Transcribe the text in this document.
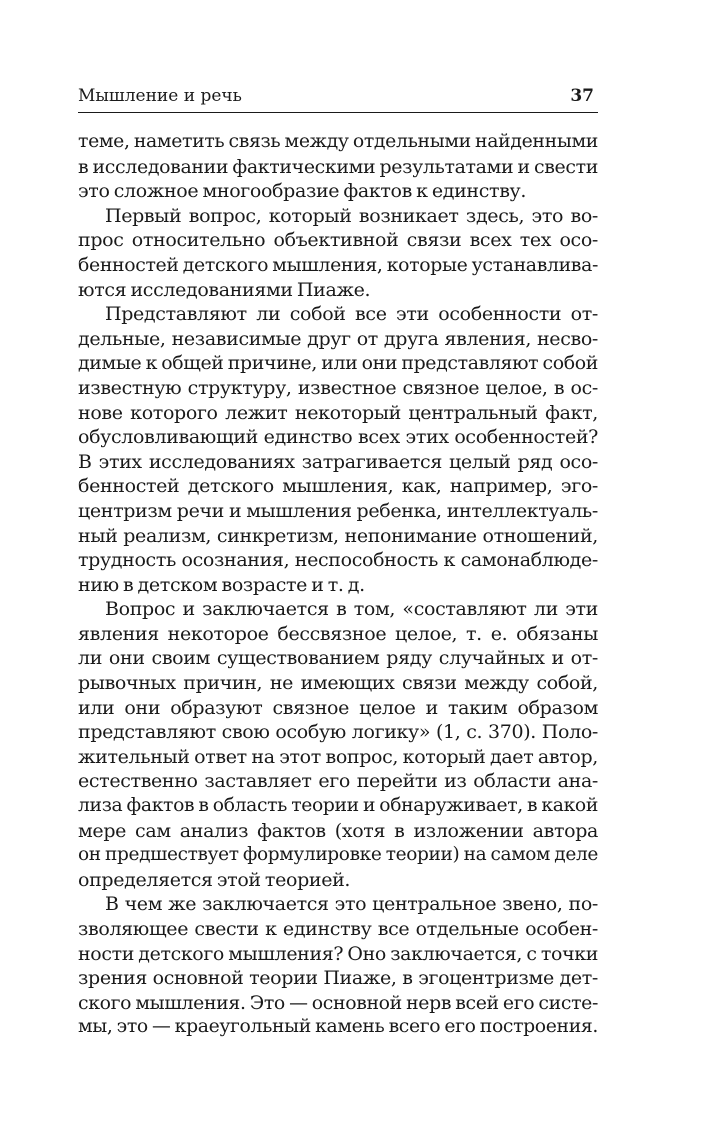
Мышление и речь	37
теме, наметить связь между отдельными найденными
в исследовании фактическими результатами и свести
это сложное многообразие фактов к единству.
Первый вопрос, который возникает здесь, это во-
прос относительно объективной связи всех тех осо-
бенностей детского мышления, которые устанавлива-
ются исследованиями Пиаже.
Представляют ли собой все эти особенности от-
дельные, независимые друг от друга явления, несво-
димые к общей причине, или они представляют собой
известную структуру, известное связное целое, в ос-
нове которого лежит некоторый центральный факт,
обусловливающий единство всех этих особенностей?
В этих исследованиях затрагивается целый ряд осо-
бенностей детского мышления, как, например, эго-
центризм речи и мышления ребенка, интеллектуаль-
ный реализм, синкретизм, непонимание отношений,
трудность осознания, неспособность к самонаблюде-
нию в детском возрасте и т. д.
Вопрос и заключается в том, «составляют ли эти
явления некоторое бессвязное целое, т. е. обязаны
ли они своим существованием ряду случайных и от-
рывочных причин, не имеющих связи между собой,
или они образуют связное целое и таким образом
представляют свою особую логику» (1, с. 370). Поло-
жительный ответ на этот вопрос, который дает автор,
естественно заставляет его перейти из области ана-
лиза фактов в область теории и обнаруживает, в какой
мере сам анализ фактов (хотя в изложении автора
он предшествует формулировке теории) на самом деле
определяется этой теорией.
В чем же заключается это центральное звено, по-
зволяющее свести к единству все отдельные особен-
ности детского мышления? Оно заключается, с точки
зрения основной теории Пиаже, в эгоцентризме дет-
ского мышления. Это — основной нерв всей его систе-
мы, это — краеугольный камень всего его построения.
